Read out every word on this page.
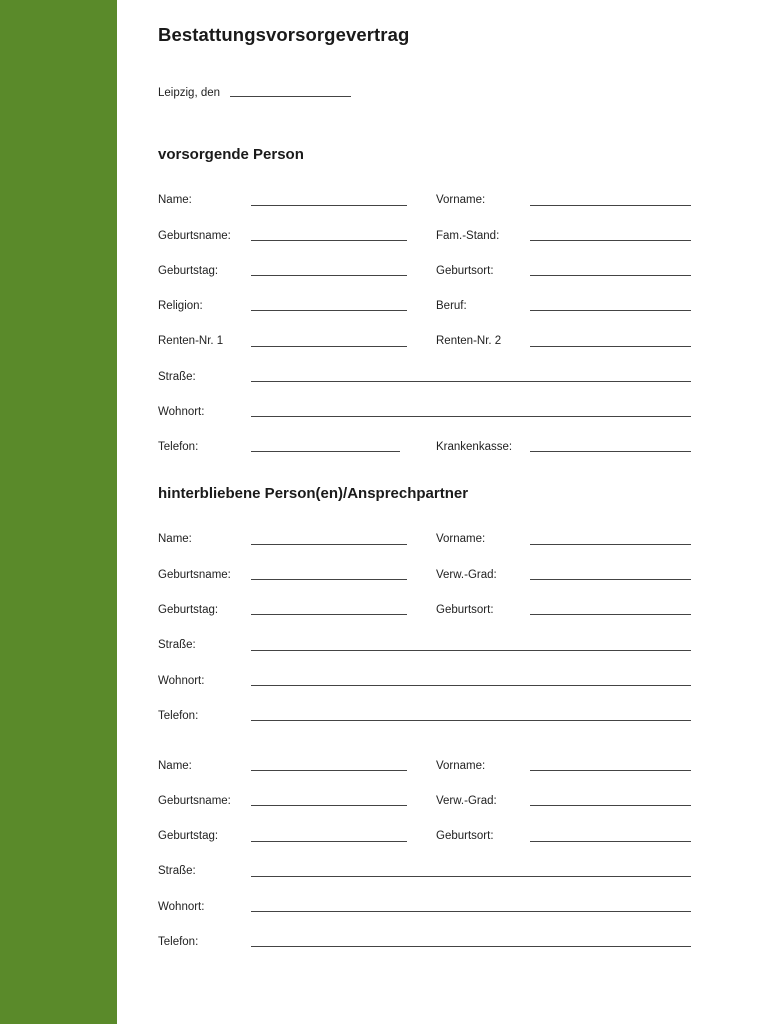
Bestattungsvorsorgevertrag
Leipzig, den
vorsorgende Person
Name:	Vorname:
Geburtsname:	Fam.-Stand:
Geburtstag:	Geburtsort:
Religion:	Beruf:
Renten-Nr. 1	Renten-Nr. 2
Straße:
Wohnort:
Telefon:	Krankenkasse:
hinterbliebene Person(en)/Ansprechpartner
Name:	Vorname:
Geburtsname:	Verw.-Grad:
Geburtstag:	Geburtsort:
Straße:
Wohnort:
Telefon:
Name:	Vorname:
Geburtsname:	Verw.-Grad:
Geburtstag:	Geburtsort:
Straße:
Wohnort:
Telefon:
